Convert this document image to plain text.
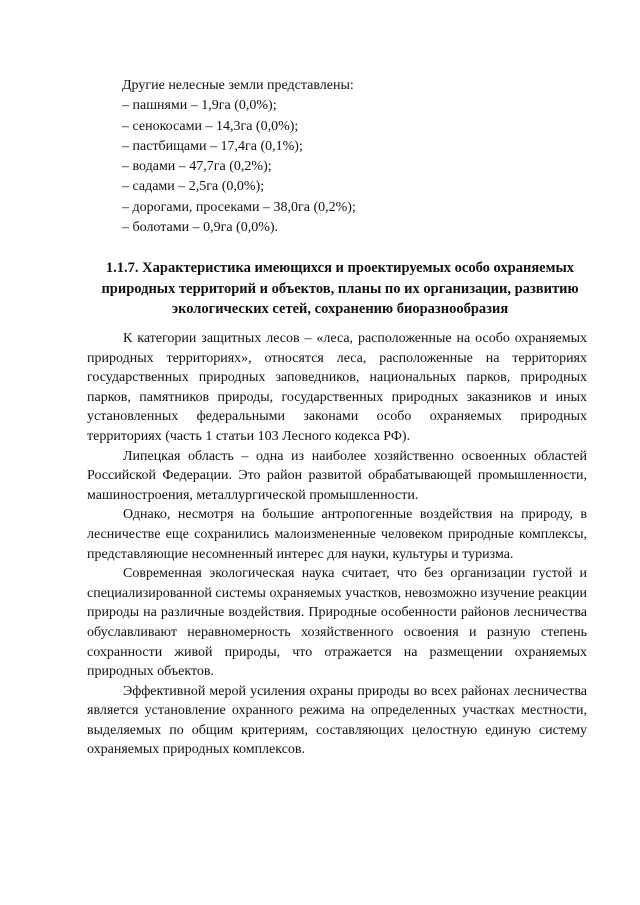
Другие нелесные земли представлены:
– пашнями – 1,9га (0,0%);
– сенокосами – 14,3га (0,0%);
– пастбищами – 17,4га (0,1%);
– водами – 47,7га (0,2%);
– садами – 2,5га (0,0%);
– дорогами, просеками – 38,0га (0,2%);
– болотами – 0,9га (0,0%).
1.1.7. Характеристика имеющихся и проектируемых особо охраняемых
природных территорий и объектов, планы по их организации, развитию
экологических сетей, сохранению биоразнообразия

К категории защитных лесов – «леса, расположенные на особо охраняемых природных территориях», относятся леса, расположенные на территориях государственных природных заповедников, национальных парков, природных парков, памятников природы, государственных природных заказников и иных установленных федеральными законами особо охраняемых природных территориях (часть 1 статьи 103 Лесного кодекса РФ).

Липецкая область – одна из наиболее хозяйственно освоенных областей Российской Федерации. Это район развитой обрабатывающей промышленности, машиностроения, металлургической промышленности.

Однако, несмотря на большие антропогенные воздействия на природу, в лесничестве еще сохранились малоизмененные человеком природные комплексы, представляющие несомненный интерес для науки, культуры и туризма.

Современная экологическая наука считает, что без организации густой и специализированной системы охраняемых участков, невозможно изучение реакции природы на различные воздействия. Природные особенности районов лесничества обуславливают неравномерность хозяйственного освоения и разную степень сохранности живой природы, что отражается на размещении охраняемых природных объектов.

Эффективной мерой усиления охраны природы во всех районах лесничества является установление охранного режима на определенных участках местности, выделяемых по общим критериям, составляющих целостную единую систему охраняемых природных комплексов.
